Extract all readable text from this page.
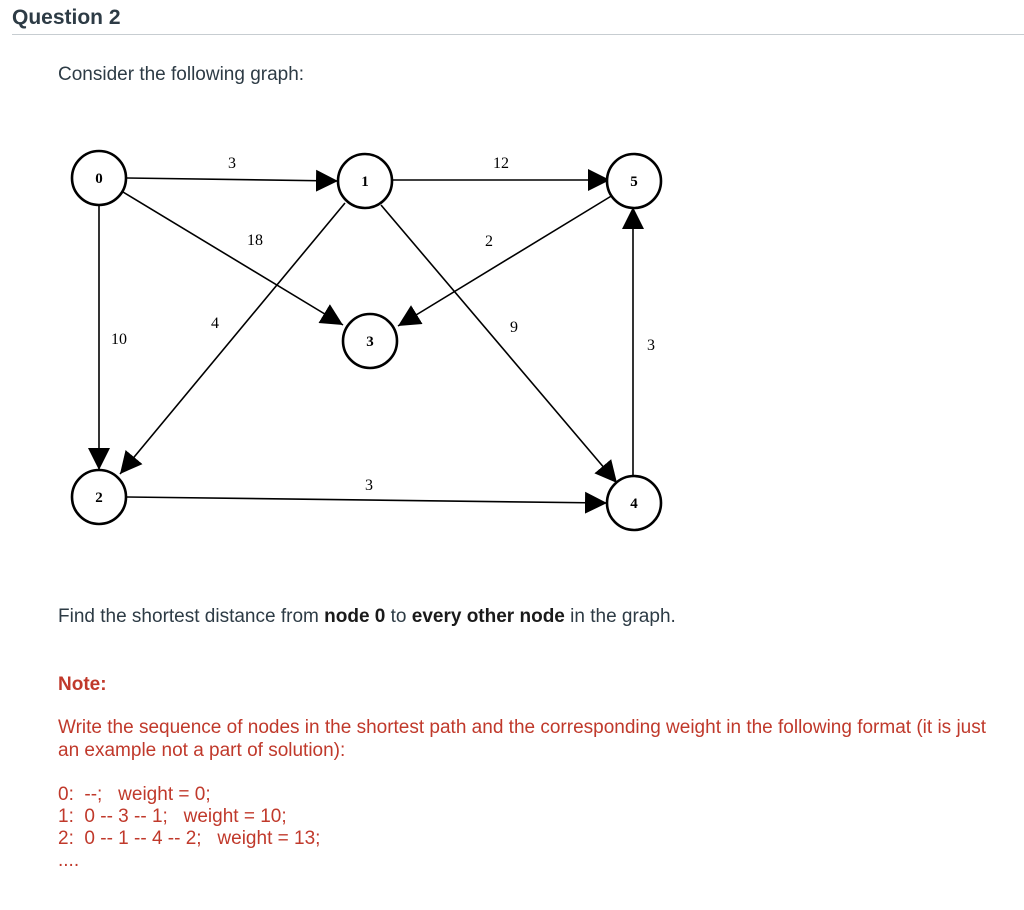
Question 2
Consider the following graph:
3	12
18	2
10
4	9
3
3
0	1	5
3
2	4
Find the shortest distance from node 0 to every other node in the graph.
Note:
Write the sequence of nodes in the shortest path and the corresponding weight in the following format (it is just an example not a part of solution):
0:  --;   weight = 0;
1:  0 -- 3 -- 1;   weight = 10;
2:  0 -- 1 -- 4 -- 2;   weight = 13;
....
